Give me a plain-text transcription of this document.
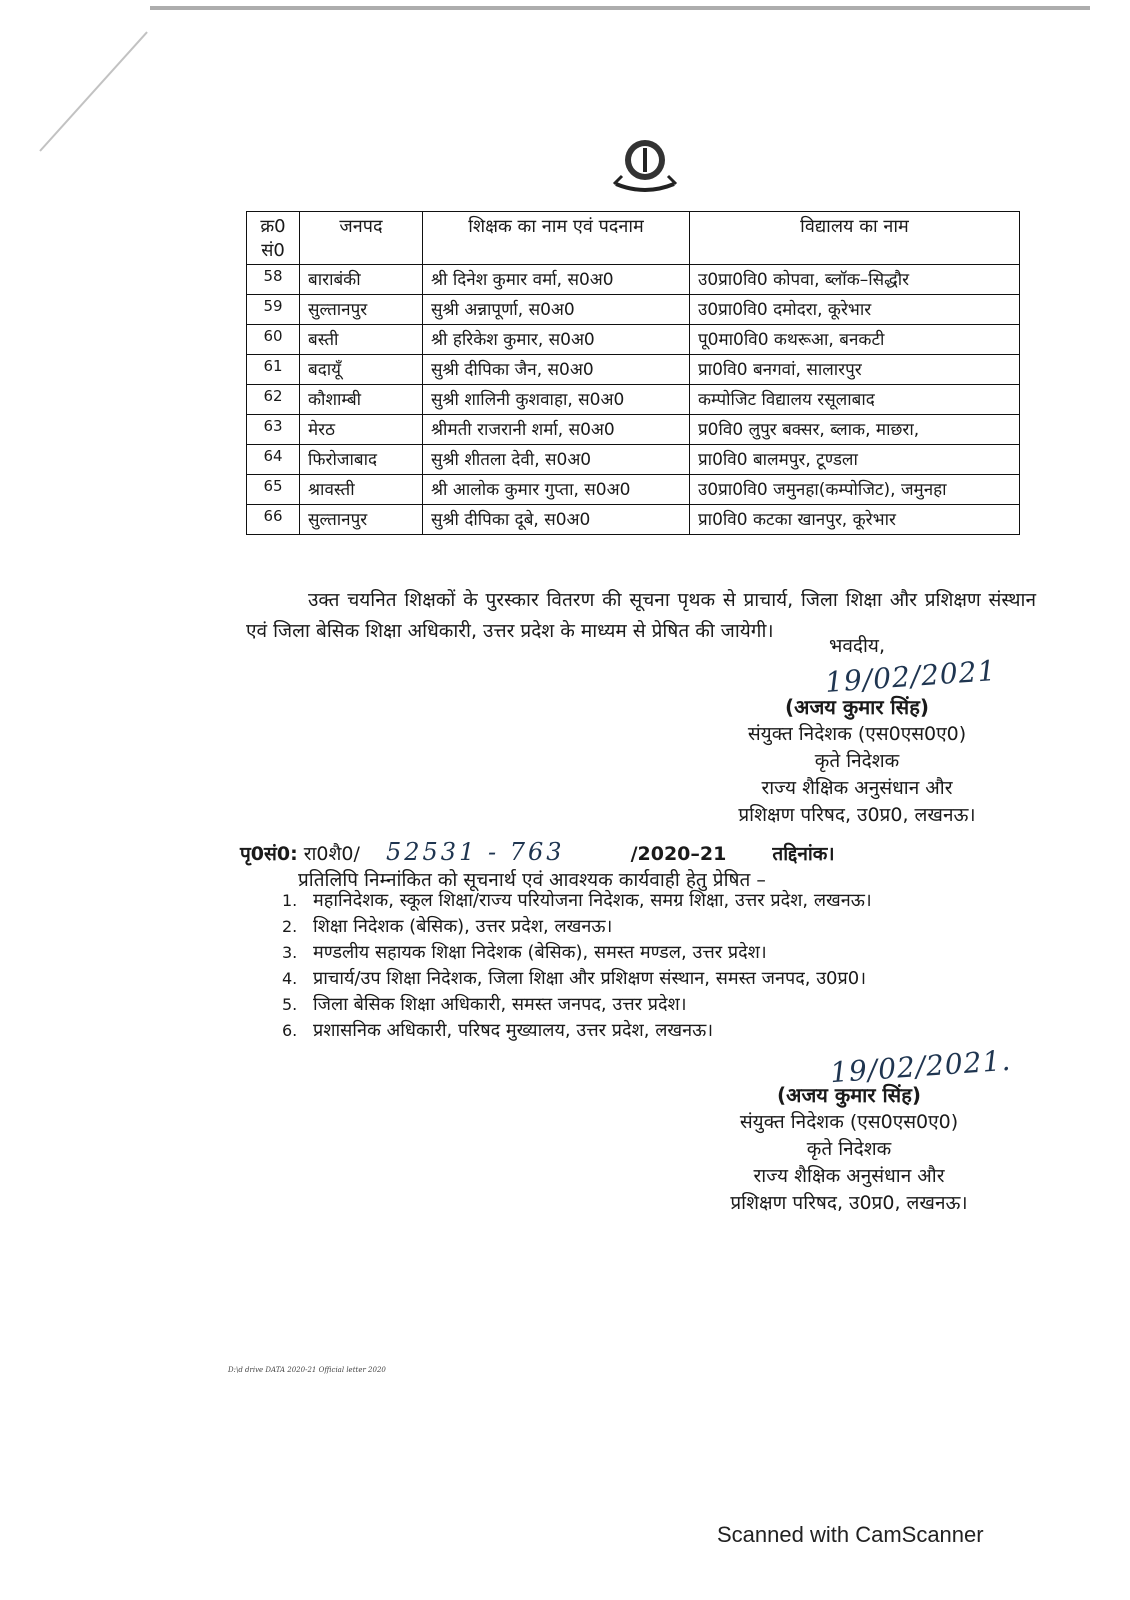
क्र0 सं0	जनपद	शिक्षक का नाम एवं पदनाम	विद्यालय का नाम
58	बाराबंकी	श्री दिनेश कुमार वर्मा, स0अ0	उ0प्रा0वि0 कोपवा, ब्लॉक–सिद्धौर
59	सुल्तानपुर	सुश्री अन्नापूर्णा, स0अ0	उ0प्रा0वि0 दमोदरा, कूरेभार
60	बस्ती	श्री हरिकेश कुमार, स0अ0	पू0मा0वि0 कथरूआ, बनकटी
61	बदायूँ	सुश्री दीपिका जैन, स0अ0	प्रा0वि0 बनगवां, सालारपुर
62	कौशाम्बी	सुश्री शालिनी कुशवाहा, स0अ0	कम्पोजिट विद्यालय रसूलाबाद
63	मेरठ	श्रीमती राजरानी शर्मा, स0अ0	प्र0वि0 लुपुर बक्सर, ब्लाक, माछरा,
64	फिरोजाबाद	सुश्री शीतला देवी, स0अ0	प्रा0वि0 बालमपुर, टूण्डला
65	श्रावस्ती	श्री आलोक कुमार गुप्ता, स0अ0	उ0प्रा0वि0 जमुनहा(कम्पोजिट), जमुनहा
66	सुल्तानपुर	सुश्री दीपिका दूबे, स0अ0	प्रा0वि0 कटका खानपुर, कूरेभार
उक्त चयनित शिक्षकों के पुरस्कार वितरण की सूचना पृथक से प्राचार्य, जिला शिक्षा और प्रशिक्षण संस्थान एवं जिला बेसिक शिक्षा अधिकारी, उत्तर प्रदेश के माध्यम से प्रेषित की जायेगी।
19/02/2021
भवदीय,
(अजय कुमार सिंह)
संयुक्त निदेशक (एस0एस0ए0)
कृते निदेशक
राज्य शैक्षिक अनुसंधान और
प्रशिक्षण परिषद, उ0प्र0, लखनऊ।
पृ0सं0: रा0शै0/ 52531 - 763	/2020–21 तद्दिनांक।
प्रतिलिपि निम्नांकित को सूचनार्थ एवं आवश्यक कार्यवाही हेतु प्रेषित –
1. महानिदेशक, स्कूल शिक्षा/राज्य परियोजना निदेशक, समग्र शिक्षा, उत्तर प्रदेश, लखनऊ।
2. शिक्षा निदेशक (बेसिक), उत्तर प्रदेश, लखनऊ।
3. मण्डलीय सहायक शिक्षा निदेशक (बेसिक), समस्त मण्डल, उत्तर प्रदेश।
4. प्राचार्य/उप शिक्षा निदेशक, जिला शिक्षा और प्रशिक्षण संस्थान, समस्त जनपद, उ0प्र0।
5. जिला बेसिक शिक्षा अधिकारी, समस्त जनपद, उत्तर प्रदेश।
6. प्रशासनिक अधिकारी, परिषद मुख्यालय, उत्तर प्रदेश, लखनऊ।
19/02/2021.
(अजय कुमार सिंह)
संयुक्त निदेशक (एस0एस0ए0)
कृते निदेशक
राज्य शैक्षिक अनुसंधान और
प्रशिक्षण परिषद, उ0प्र0, लखनऊ।
D:\d drive DATA 2020-21 Official letter 2020
Scanned with CamScanner
